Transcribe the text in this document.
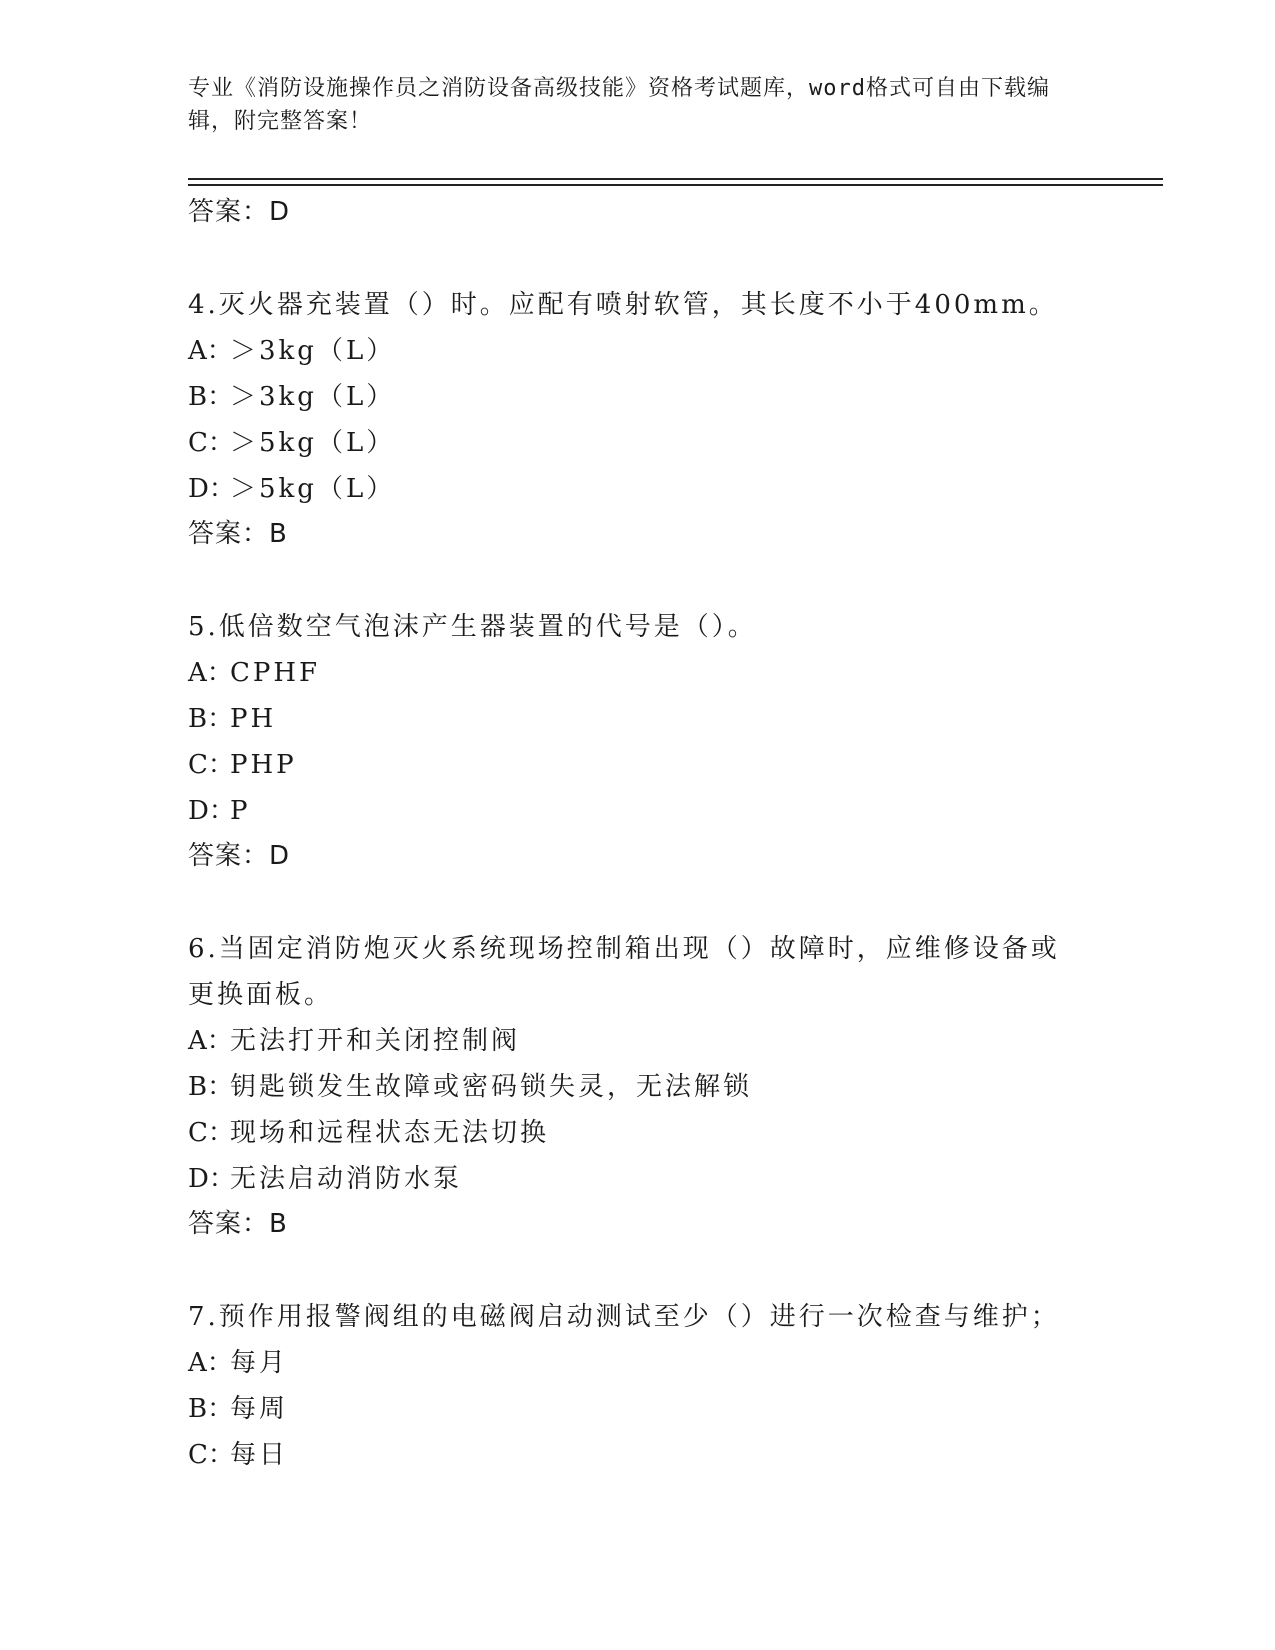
专业《消防设施操作员之消防设备高级技能》资格考试题库，word格式可自由下载编辑，附完整答案！
答案：D
4.灭火器充装置（）时。应配有喷射软管，其长度不小于400mm。
A：
＞3kg（L）
B：
＞3kg（L）
C：
＞5kg（L）
D：
＞5kg（L）
答案：B
5.低倍数空气泡沫产生器装置的代号是（）。
A：
CPHF
B：
PH
C：
PHP
D：
P
答案：D
6.当固定消防炮灭火系统现场控制箱出现（）故障时，应维修设备或更换面板。
A：
无法打开和关闭控制阀
B：
钥匙锁发生故障或密码锁失灵，无法解锁
C：
现场和远程状态无法切换
D：
无法启动消防水泵
答案：B
7.预作用报警阀组的电磁阀启动测试至少（）进行一次检查与维护；
A：
每月
B：
每周
C：
每日
